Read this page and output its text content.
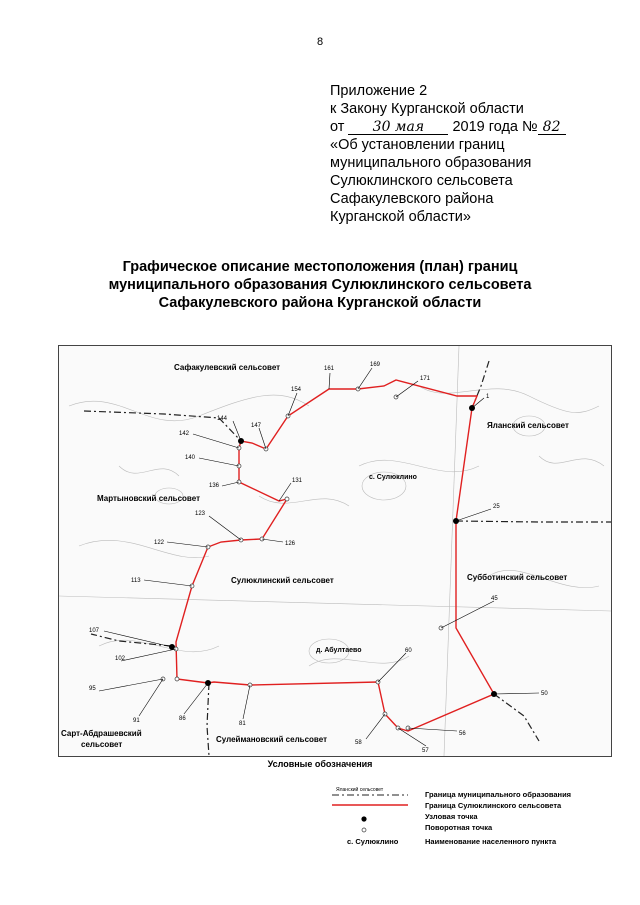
8
Приложение 2
к Закону Курганской области
от 30 мая 2019 года № 82
«Об установлении границ
муниципального образования
Сулюклинского сельсовета
Сафакулевского района
Курганской области»
Графическое описание местоположения (план) границ
муниципального образования Сулюклинского сельсовета
Сафакулевского района Курганской области
161
169
171
154
1
144
147
142
140
136
131
25
123
122	126
113
45
107
102
60
95
91	86
81
50
58
56
57
Сафакулевский сельсовет
Яланский сельсовет
Мартыновский сельсовет
Субботинский сельсовет
Сулюклинский сельсовет
Сарт-Абдрашевский
сельсовет
Сулеймановский сельсовет
с. Сулюклино
д. Абултаево
Условные обозначения
Яланский сельсовет	Граница муниципального образования
Граница Сулюклинского сельсовета
Узловая точка
Поворотная точка
с. Сулюклино	Наименование населенного пункта
